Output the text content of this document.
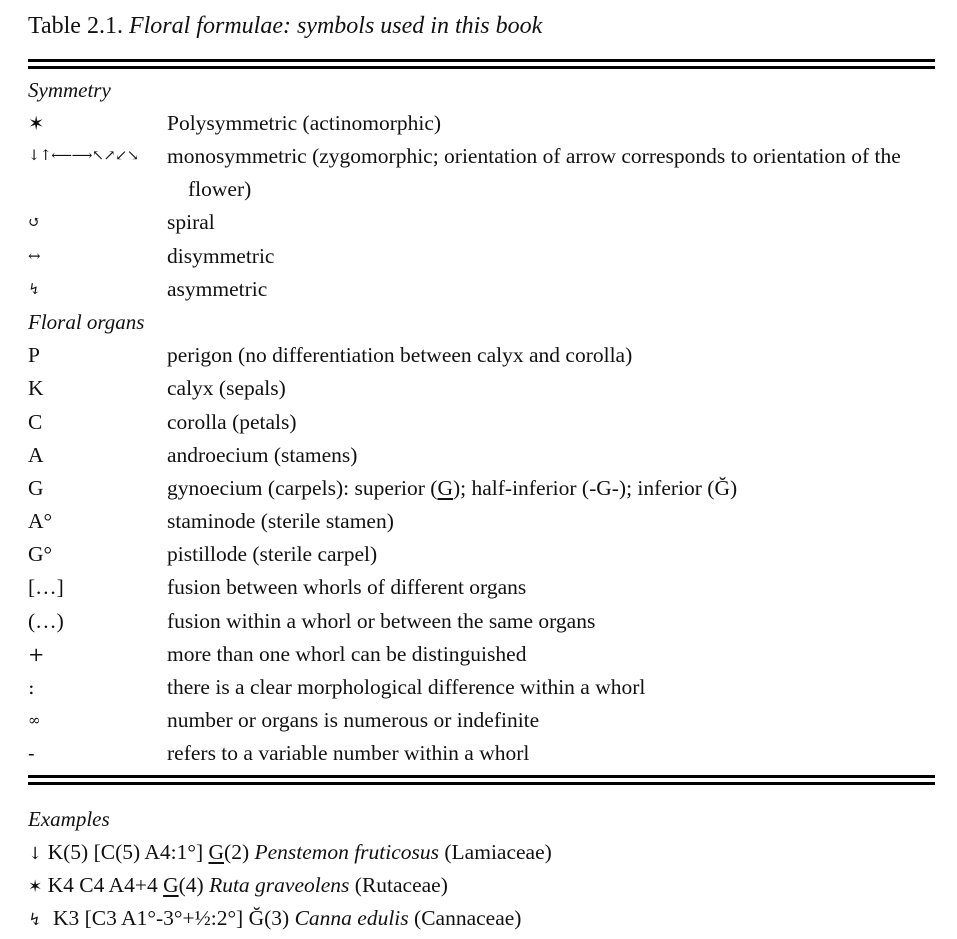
Table 2.1. Floral formulae: symbols used in this book
Symmetry
✶	Polysymmetric (actinomorphic)
↓↑⟵⟶↖↗↙↘ monosymmetric (zygomorphic; orientation of arrow corresponds to orientation of the flower)
↺	spiral
↔	disymmetric
↯	asymmetric
Floral organs
P	perigon (no differentiation between calyx and corolla)
K	calyx (sepals)
C	corolla (petals)
A	androecium (stamens)
G	gynoecium (carpels): superior (G); half-inferior (-G-); inferior (Ğ)
A°	staminode (sterile stamen)
G°	pistillode (sterile carpel)
[…]	fusion between whorls of different organs
(…)	fusion within a whorl or between the same organs
+	more than one whorl can be distinguished
:	there is a clear morphological difference within a whorl
∞	number or organs is numerous or indefinite
-	refers to a variable number within a whorl
Examples
↓ K(5) [C(5) A4:1°] G(2) Penstemon fruticosus (Lamiaceae)
✶ K4 C4 A4+4 G(4) Ruta graveolens (Rutaceae)
↯  K3 [C3 A1°-3°+½:2°] Ğ(3) Canna edulis (Cannaceae)
